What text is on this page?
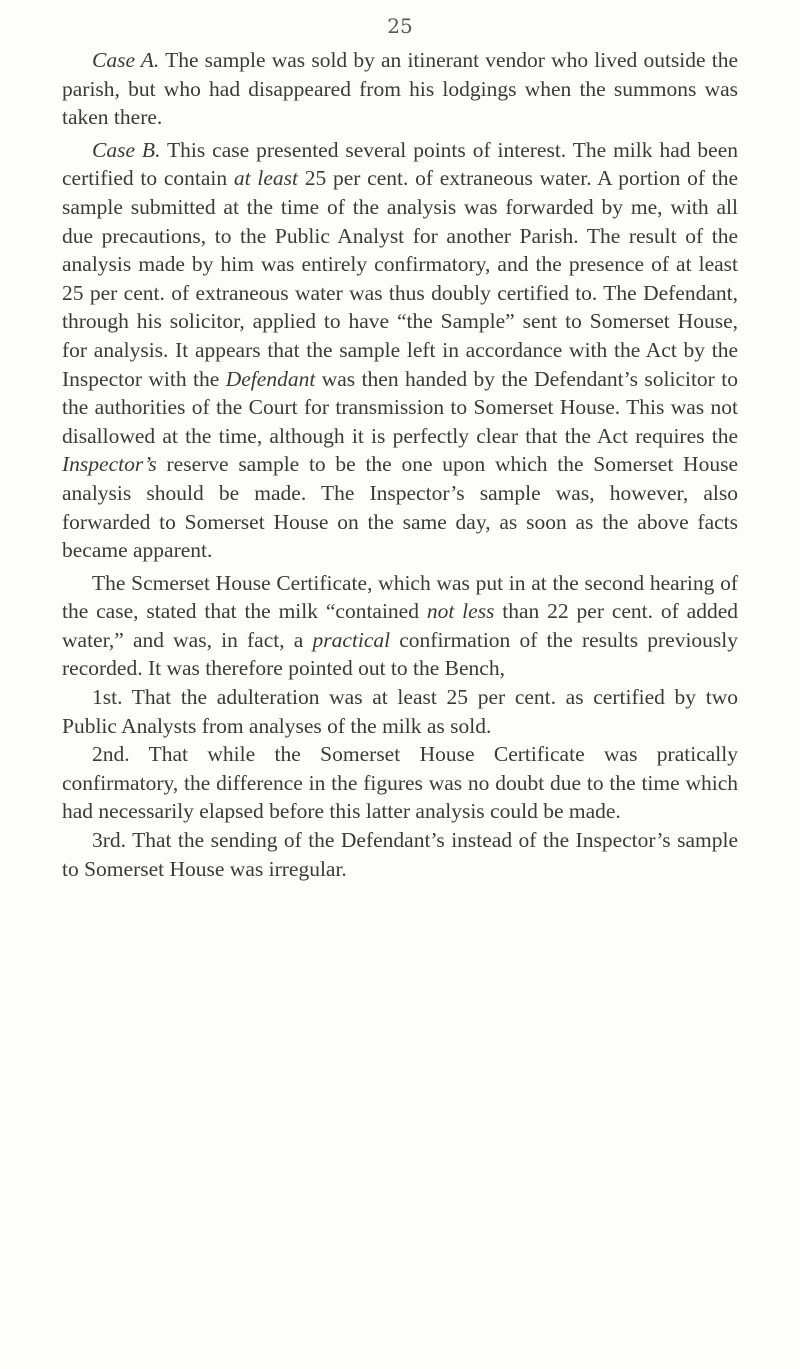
25

Case A. The sample was sold by an itinerant vendor who lived outside the parish, but who had disappeared from his lodgings when the summons was taken there.

Case B. This case presented several points of interest. The milk had been certified to contain at least 25 per cent. of extraneous water. A portion of the sample submitted at the time of the analysis was forwarded by me, with all due precautions, to the Public Analyst for another Parish. The result of the analysis made by him was entirely confirmatory, and the presence of at least 25 per cent. of extraneous water was thus doubly certified to. The Defendant, through his solicitor, applied to have “the Sample” sent to Somerset House, for analysis. It appears that the sample left in accordance with the Act by the Inspector with the Defendant was then handed by the Defendant’s solicitor to the authorities of the Court for transmission to Somerset House. This was not disallowed at the time, although it is perfectly clear that the Act requires the Inspector’s reserve sample to be the one upon which the Somerset House analysis should be made. The Inspector’s sample was, however, also forwarded to Somerset House on the same day, as soon as the above facts became apparent.

The Scmerset House Certificate, which was put in at the second hearing of the case, stated that the milk “contained not less than 22 per cent. of added water,” and was, in fact, a practical confirmation of the results previously recorded. It was therefore pointed out to the Bench,

1st. That the adulteration was at least 25 per cent. as certified by two Public Analysts from analyses of the milk as sold.

2nd. That while the Somerset House Certificate was pratically confirmatory, the difference in the figures was no doubt due to the time which had necessarily elapsed before this latter analysis could be made.

3rd. That the sending of the Defendant’s instead of the Inspector’s sample to Somerset House was irregular.
